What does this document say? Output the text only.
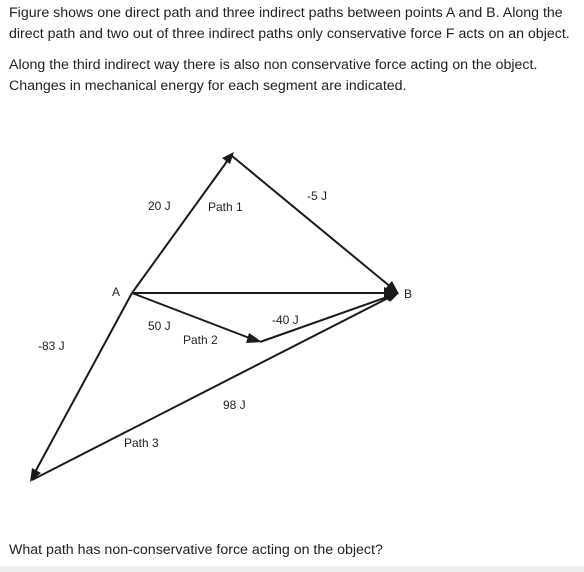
Figure shows one direct path and three indirect paths between points A and B. Along the direct path and two out of three indirect paths only conservative force F acts on an object.

Along the third indirect way there is also non conservative force acting on the object. Changes in mechanical energy for each segment are indicated.

A	B
Path 1
Path 2
Path 3
20 J
-5 J
50 J	-40 J
-83 J
98 J

What path has non-conservative force acting on the object?
